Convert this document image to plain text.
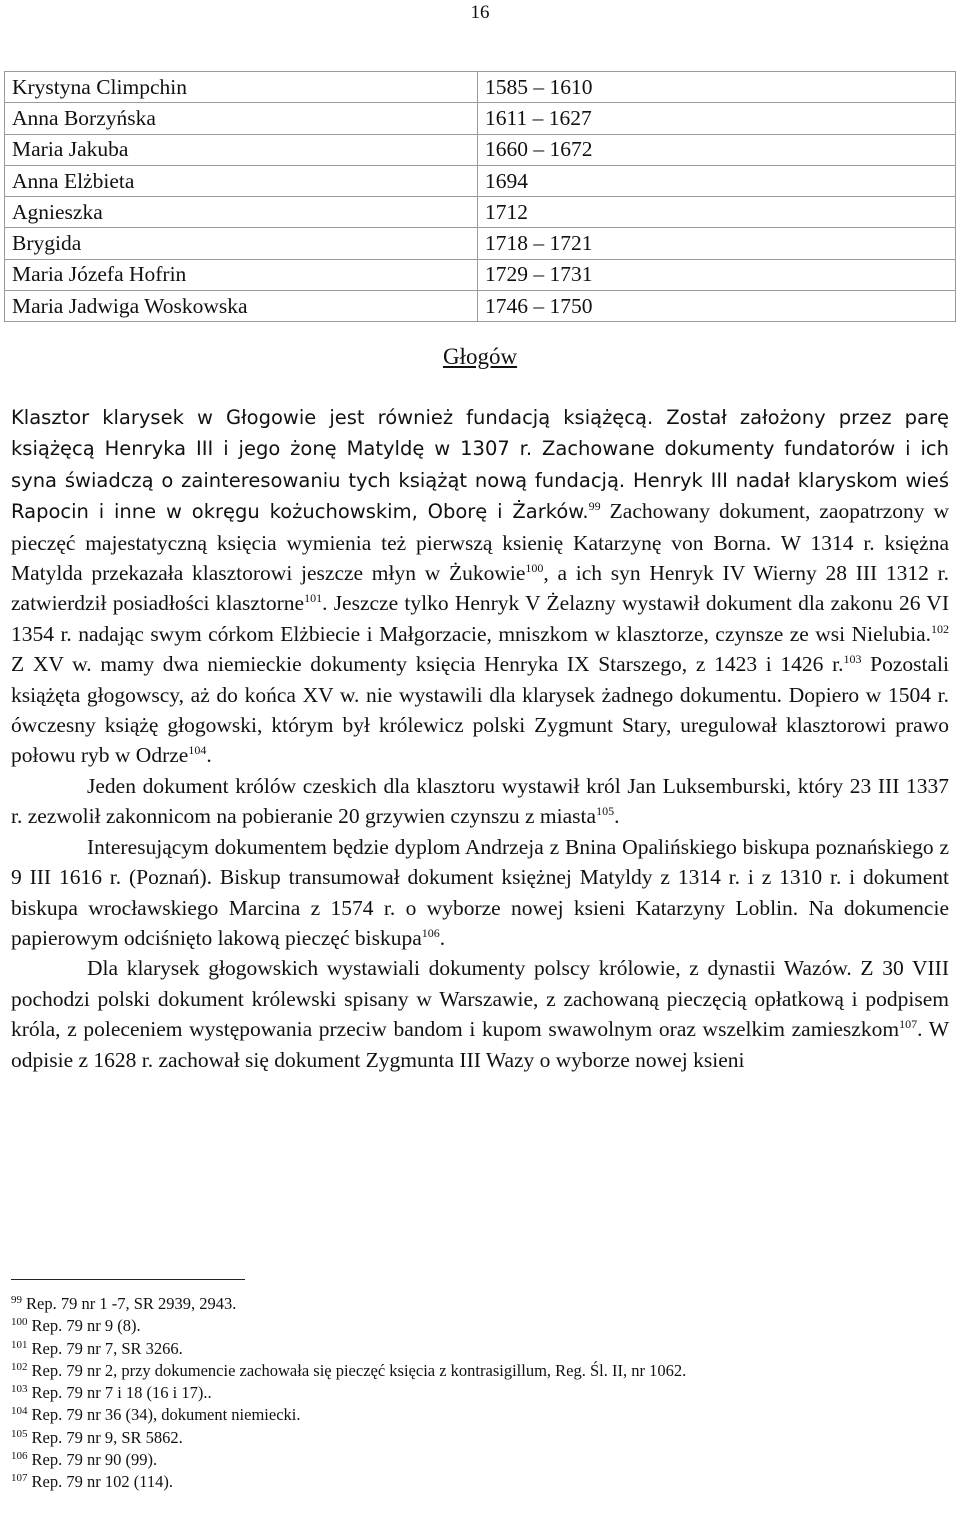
16
Krystyna Climpchin	1585 – 1610
Anna Borzyńska	1611 – 1627
Maria Jakuba	1660 – 1672
Anna Elżbieta	1694
Agnieszka	1712
Brygida	1718 – 1721
Maria Józefa Hofrin	1729 – 1731
Maria Jadwiga Woskowska	1746 – 1750
Głogów

Klasztor klarysek w Głogowie jest również fundacją książęcą. Został założony przez parę książęcą Henryka III i jego żonę Matyldę w 1307 r. Zachowane dokumenty fundatorów i ich syna świadczą o zainteresowaniu tych książąt nową fundacją. Henryk III nadał klaryskom wieś Rapocin i inne w okręgu kożuchowskim, Oborę i Żarków.$^{99}$ Zachowany dokument, zaopatrzony w pieczęć majestatyczną księcia wymienia też pierwszą ksienię Katarzynę von Borna. W 1314 r. księżna Matylda przekazała klasztorowi jeszcze młyn w Żukowie$^{100}$, a ich syn Henryk IV Wierny 28 III 1312 r. zatwierdził posiadłości klasztorne$^{101}$. Jeszcze tylko Henryk V Żelazny wystawił dokument dla zakonu 26 VI 1354 r. nadając swym córkom Elżbiecie i Małgorzacie, mniszkom w klasztorze, czynsze ze wsi Nielubia.$^{102}$ Z XV w. mamy dwa niemieckie dokumenty księcia Henryka IX Starszego, z 1423 i 1426 r.$^{103}$ Pozostali książęta głogowscy, aż do końca XV w. nie wystawili dla klarysek żadnego dokumentu. Dopiero w 1504 r. ówczesny książę głogowski, którym był królewicz polski Zygmunt Stary, uregulował klasztorowi prawo połowu ryb w Odrze$^{104}$.

Jeden dokument królów czeskich dla klasztoru wystawił król Jan Luksemburski, który 23 III 1337 r. zezwolił zakonnicom na pobieranie 20 grzywien czynszu z miasta$^{105}$.

Interesującym dokumentem będzie dyplom Andrzeja z Bnina Opalińskiego biskupa poznańskiego z 9 III 1616 r. (Poznań). Biskup transumował dokument księżnej Matyldy z 1314 r. i z 1310 r. i dokument biskupa wrocławskiego Marcina z 1574 r. o wyborze nowej ksieni Katarzyny Loblin. Na dokumencie papierowym odciśnięto lakową pieczęć biskupa$^{106}$.

Dla klarysek głogowskich wystawiali dokumenty polscy królowie, z dynastii Wazów. Z 30 VIII pochodzi polski dokument królewski spisany w Warszawie, z zachowaną pieczęcią opłatkową i podpisem króla, z poleceniem występowania przeciw bandom i kupom swawolnym oraz wszelkim zamieszkom$^{107}$. W odpisie z 1628 r. zachował się dokument Zygmunta III Wazy o wyborze nowej ksieni

$^{99}$ Rep. 79 nr 1 -7, SR 2939, 2943.
$^{100}$ Rep. 79 nr 9 (8).
$^{101}$ Rep. 79 nr 7, SR 3266.
$^{102}$ Rep. 79 nr 2, przy dokumencie zachowała się pieczęć księcia z kontrasigillum, Reg. Śl. II, nr 1062.
$^{103}$ Rep. 79 nr 7 i 18 (16 i 17)..
$^{104}$ Rep. 79 nr 36 (34), dokument niemiecki.
$^{105}$ Rep. 79 nr 9, SR 5862.
$^{106}$ Rep. 79 nr 90 (99).
$^{107}$ Rep. 79 nr 102 (114).
